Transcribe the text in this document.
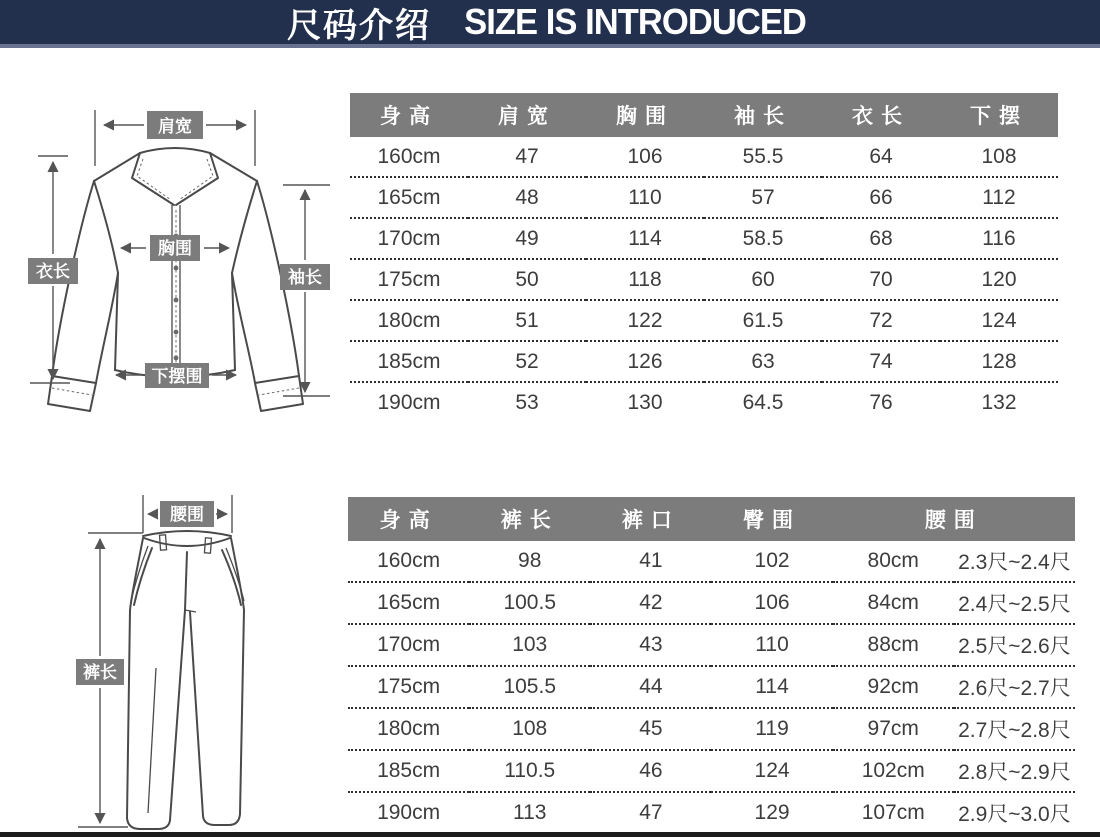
尺码介绍 SIZE IS INTRODUCED
肩宽
胸围
衣长	袖长
下摆围
身高	肩宽	胸围	袖长	衣长	下摆
160cm	47	106	55.5	64	108
165cm	48	110	57	66	112
170cm	49	114	58.5	68	116
175cm	50	118	60	70	120
180cm	51	122	61.5	72	124
185cm	52	126	63	74	128
190cm	53	130	64.5	76	132
腰围
裤长
身高	裤长	裤口	臀围	腰围	
160cm	98	41	102	80cm	2.3尺~2.4尺
165cm	100.5	42	106	84cm	2.4尺~2.5尺
170cm	103	43	110	88cm	2.5尺~2.6尺
175cm	105.5	44	114	92cm	2.6尺~2.7尺
180cm	108	45	119	97cm	2.7尺~2.8尺
185cm	110.5	46	124	102cm	2.8尺~2.9尺
190cm	113	47	129	107cm	2.9尺~3.0尺
